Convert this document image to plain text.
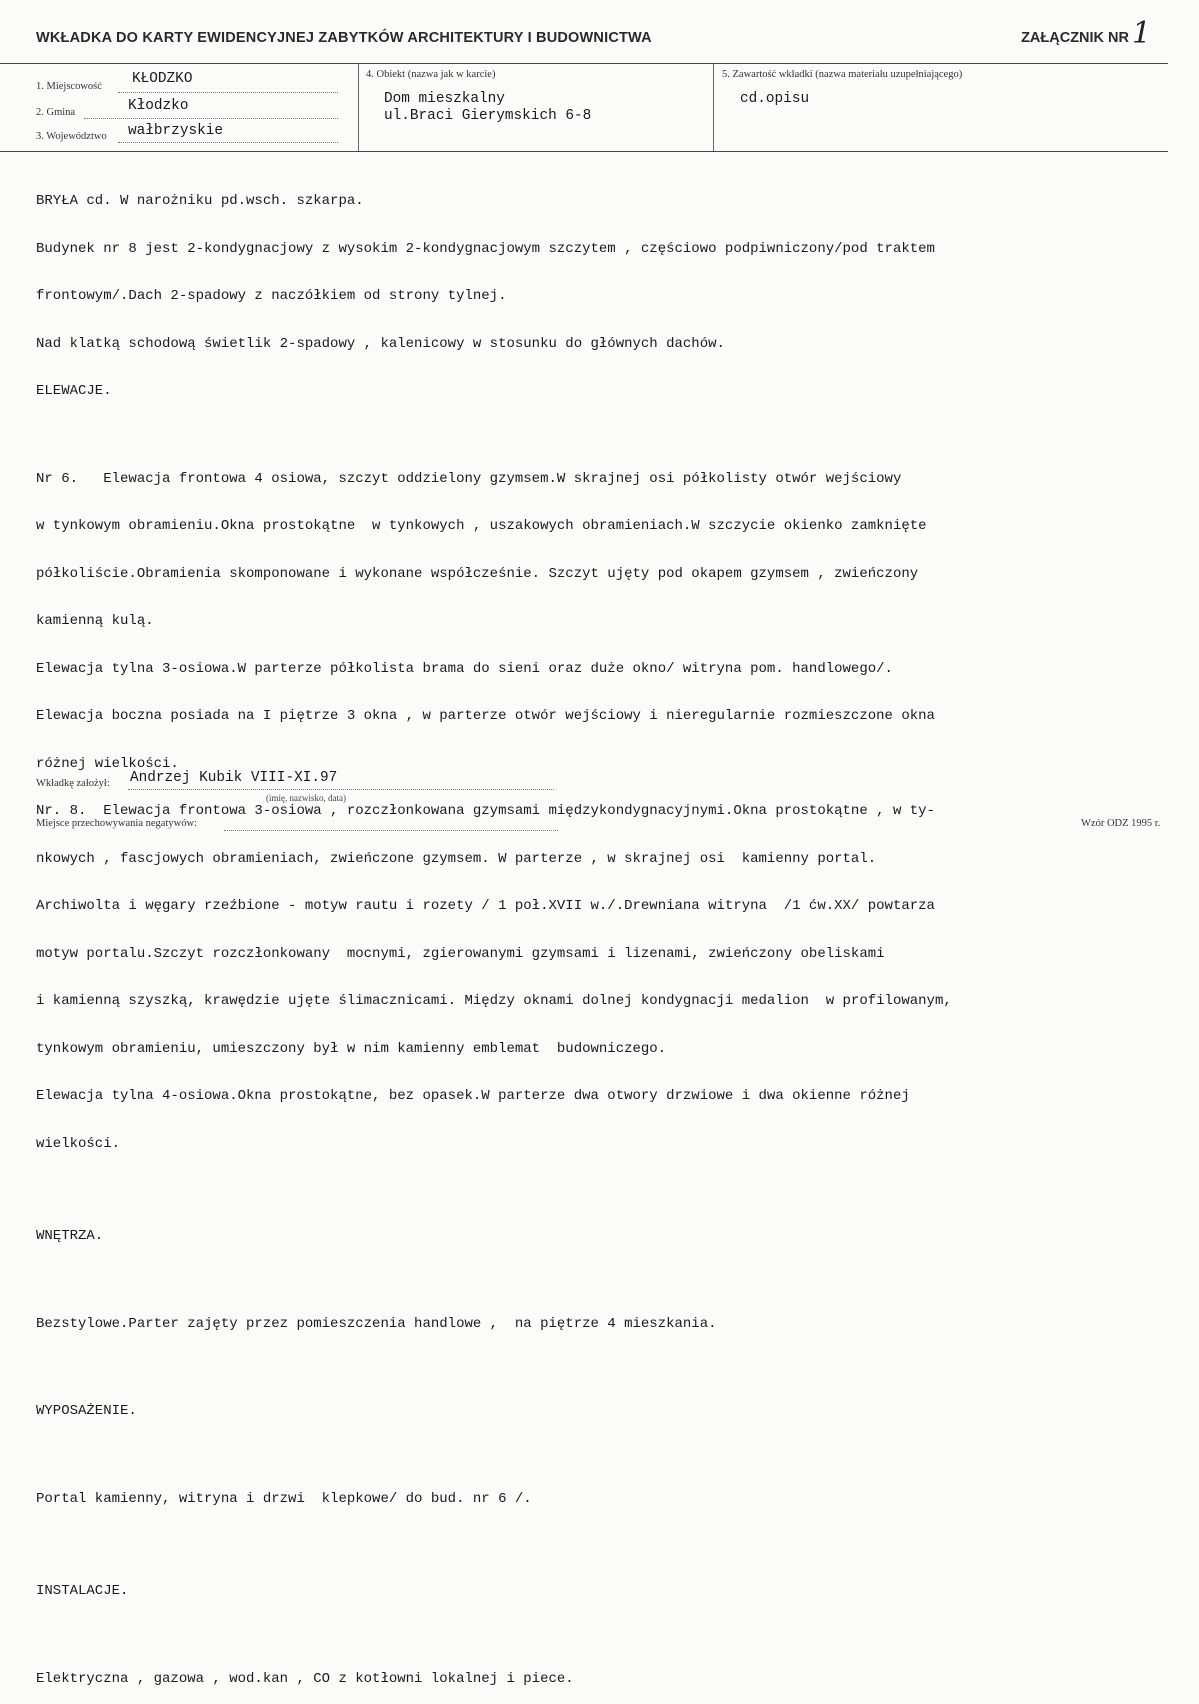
WKŁADKA DO KARTY EWIDENCYJNEJ ZABYTKÓW ARCHITEKTURY I BUDOWNICTWA	ZAŁĄCZNIK NR 1
1. Miejscowość KŁODZKO
2. Gmina	Kłodzko
3. Województwo wałbrzyskie
4. Obiekt (nazwa jak w karcie)
Dom mieszkalny
ul.Braci Gierymskich 6-8
5. Zawartość wkładki (nazwa materiału uzupełniającego)
cd.opisu

BRYŁA cd. W narożniku pd.wsch. szkarpa.

Budynek nr 8 jest 2-kondygnacjowy z wysokim 2-kondygnacjowym szczytem , częściowo podpiwniczony/pod traktem

frontowym/.Dach 2-spadowy z naczółkiem od strony tylnej.

Nad klatką schodową świetlik 2-spadowy , kalenicowy w stosunku do głównych dachów.

ELEWACJE.

Nr 6.   Elewacja frontowa 4 osiowa, szczyt oddzielony gzymsem.W skrajnej osi półkolisty otwór wejściowy

w tynkowym obramieniu.Okna prostokątne  w tynkowych , uszakowych obramieniach.W szczycie okienko zamknięte

półkoliście.Obramienia skomponowane i wykonane współcześnie. Szczyt ujęty pod okapem gzymsem , zwieńczony

kamienną kulą.

Elewacja tylna 3-osiowa.W parterze półkolista brama do sieni oraz duże okno/ witryna pom. handlowego/.

Elewacja boczna posiada na I piętrze 3 okna , w parterze otwór wejściowy i nieregularnie rozmieszczone okna

różnej wielkości.

Nr. 8.  Elewacja frontowa 3-osiowa , rozczłonkowana gzymsami międzykondygnacyjnymi.Okna prostokątne , w ty-

nkowych , fascjowych obramieniach, zwieńczone gzymsem. W parterze , w skrajnej osi  kamienny portal.

Archiwolta i węgary rzeźbione - motyw rautu i rozety / 1 poł.XVII w./.Drewniana witryna  /1 ćw.XX/ powtarza

motyw portalu.Szczyt rozczłonkowany  mocnymi, zgierowanymi gzymsami i lizenami, zwieńczony obeliskami

i kamienną szyszką, krawędzie ujęte ślimacznicami. Między oknami dolnej kondygnacji medalion  w profilowanym,

tynkowym obramieniu, umieszczony był w nim kamienny emblemat  budowniczego.

Elewacja tylna 4-osiowa.Okna prostokątne, bez opasek.W parterze dwa otwory drzwiowe i dwa okienne różnej

wielkości.

WNĘTRZA.

Bezstylowe.Parter zajęty przez pomieszczenia handlowe ,  na piętrze 4 mieszkania.

WYPOSAŻENIE.

Portal kamienny, witryna i drzwi  klepkowe/ do bud. nr 6 /.

INSTALACJE.

Elektryczna , gazowa , wod.kan , CO z kotłowni lokalnej i piece.

Wkładkę założył: Andrzej Kubik VIII-XI.97
(imię, nazwisko, data)
Miejsce przechowywania negatywów:	Wzór ODZ 1995 r.
